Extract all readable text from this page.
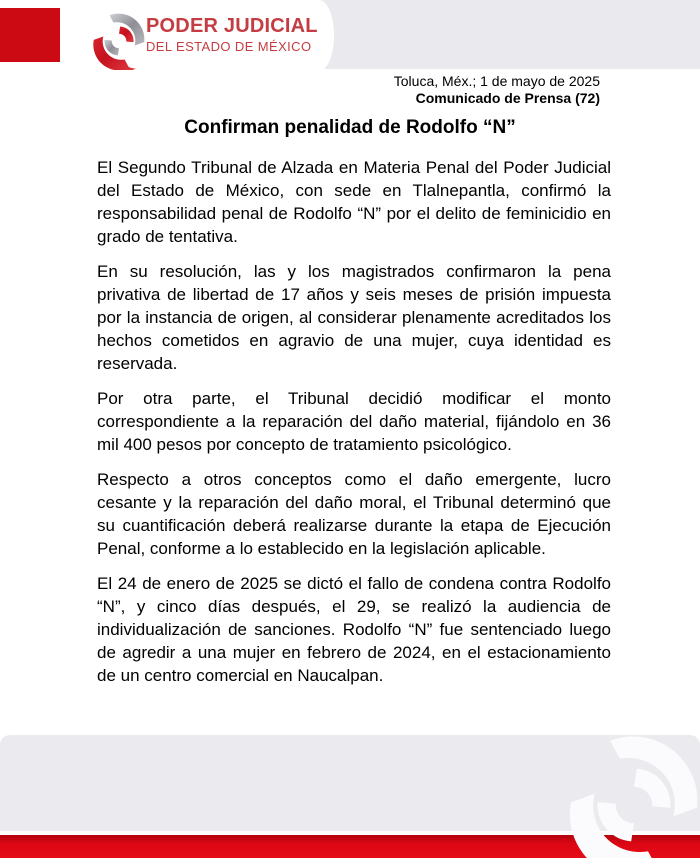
PODER JUDICIAL
DEL ESTADO DE MÉXICO
Toluca, Méx.; 1 de mayo de 2025
Comunicado de Prensa (72)
Confirman penalidad de Rodolfo “N”

El Segundo Tribunal de Alzada en Materia Penal del Poder Judicial del Estado de México, con sede en Tlalnepantla, confirmó la responsabilidad penal de Rodolfo “N” por el delito de feminicidio en grado de tentativa.

En su resolución, las y los magistrados confirmaron la pena privativa de libertad de 17 años y seis meses de prisión impuesta por la instancia de origen, al considerar plenamente acreditados los hechos cometidos en agravio de una mujer, cuya identidad es reservada.

Por otra parte, el Tribunal decidió modificar el monto correspondiente a la reparación del daño material, fijándolo en 36 mil 400 pesos por concepto de tratamiento psicológico.

Respecto a otros conceptos como el daño emergente, lucro cesante y la reparación del daño moral, el Tribunal determinó que su cuantificación deberá realizarse durante la etapa de Ejecución Penal, conforme a lo establecido en la legislación aplicable.

El 24 de enero de 2025 se dictó el fallo de condena contra Rodolfo “N”, y cinco días después, el 29, se realizó la audiencia de individualización de sanciones. Rodolfo “N” fue sentenciado luego de agredir a una mujer en febrero de 2024, en el estacionamiento de un centro comercial en Naucalpan.
